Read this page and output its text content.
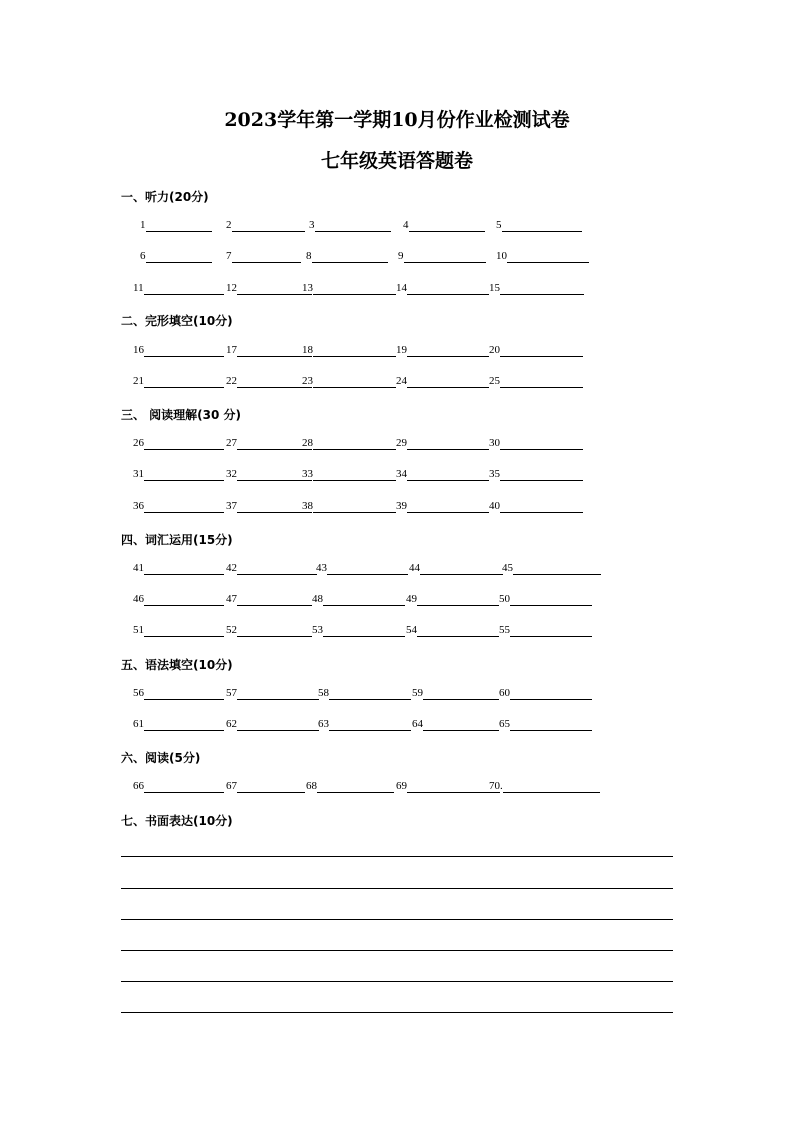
2023学年第一学期10月份作业检测试卷
七年级英语答题卷
一、听力(20分)
二、完形填空(10分)
三、 阅读理解(30 分)
四、词汇运用(15分)
五、语法填空(10分)
六、阅读(5分)
七、书面表达(10分)
1	2	3	4	5
6	7	8	9	10
11	12	13	14	15
16	17	18	19	20
21	22	23	24	25
26	27	28	29	30
31	32	33	34	35
36	37	38	39	40
41	42	43	44	45
46	47	48	49	50
51	52	53	54	55
56	57	58	59	60
61	62	63	64	65
66	67	68	69	70.
